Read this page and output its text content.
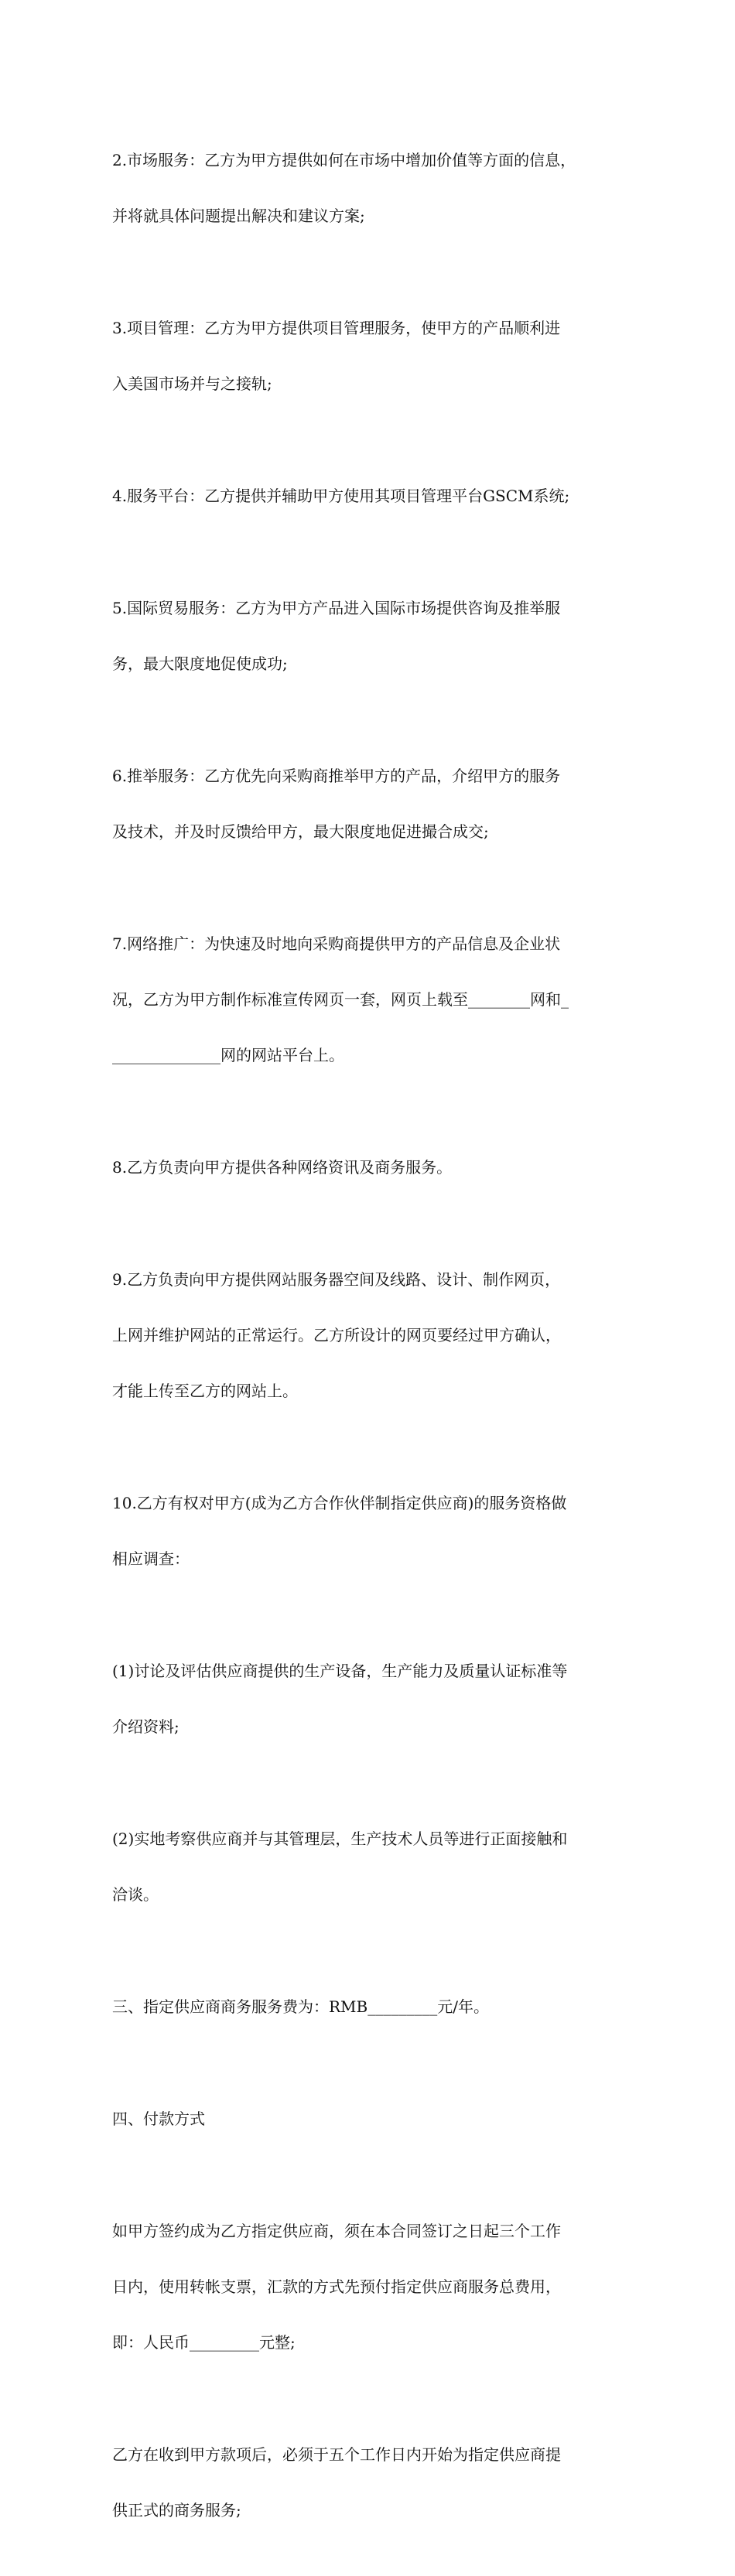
2.市场服务：乙方为甲方提供如何在市场中增加价值等方面的信息，

并将就具体问题提出解决和建议方案;

3.项目管理：乙方为甲方提供项目管理服务，使甲方的产品顺利进

入美国市场并与之接轨;

4.服务平台：乙方提供并辅助甲方使用其项目管理平台GSCM系统;

5.国际贸易服务：乙方为甲方产品进入国际市场提供咨询及推举服

务，最大限度地促使成功;

6.推举服务：乙方优先向采购商推举甲方的产品，介绍甲方的服务

及技术，并及时反馈给甲方，最大限度地促进撮合成交;

7.网络推广：为快速及时地向采购商提供甲方的产品信息及企业状

况，乙方为甲方制作标准宣传网页一套，网页上载至________网和_

______________网的网站平台上。

8.乙方负责向甲方提供各种网络资讯及商务服务。

9.乙方负责向甲方提供网站服务器空间及线路、设计、制作网页，

上网并维护网站的正常运行。乙方所设计的网页要经过甲方确认，

才能上传至乙方的网站上。

10.乙方有权对甲方(成为乙方合作伙伴制指定供应商)的服务资格做

相应调查：

(1)讨论及评估供应商提供的生产设备，生产能力及质量认证标准等

介绍资料;

(2)实地考察供应商并与其管理层，生产技术人员等进行正面接触和

洽谈。

三、指定供应商商务服务费为：RMB_________元/年。

四、付款方式

如甲方签约成为乙方指定供应商，须在本合同签订之日起三个工作

日内，使用转帐支票，汇款的方式先预付指定供应商服务总费用，

即：人民币_________元整;

乙方在收到甲方款项后，必须于五个工作日内开始为指定供应商提

供正式的商务服务;
